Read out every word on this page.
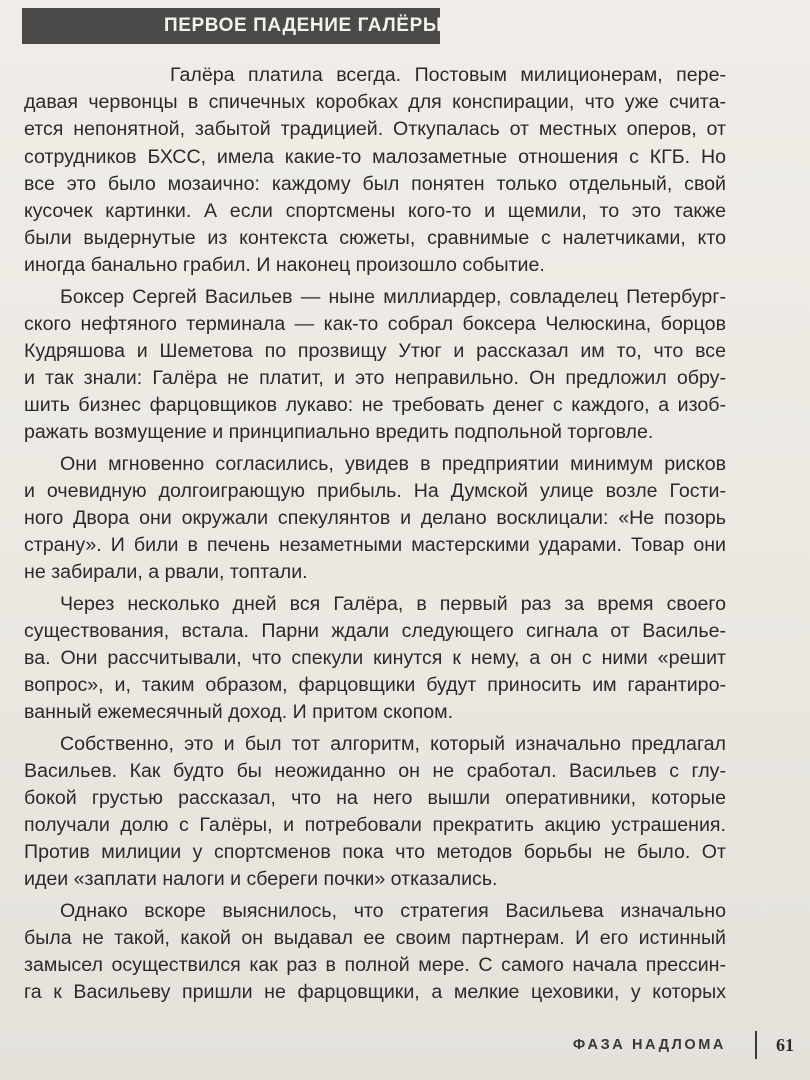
ПЕРВОЕ ПАДЕНИЕ ГАЛЁРЫ
Галёра платила всегда. Постовым милиционерам, пере-
давая червонцы в спичечных коробках для конспирации, что уже счита-
ется непонятной, забытой традицией. Откупалась от местных оперов, от
сотрудников БХСС, имела какие-то малозаметные отношения с КГБ. Но
все это было мозаично: каждому был понятен только отдельный, свой
кусочек картинки. А если спортсмены кого-то и щемили, то это также
были выдернутые из контекста сюжеты, сравнимые с налетчиками, кто
иногда банально грабил. И наконец произошло событие.
Боксер Сергей Васильев — ныне миллиардер, совладелец Петербург-
ского нефтяного терминала — как-то собрал боксера Челюскина, борцов
Кудряшова и Шеметова по прозвищу Утюг и рассказал им то, что все
и так знали: Галёра не платит, и это неправильно. Он предложил обру-
шить бизнес фарцовщиков лукаво: не требовать денег с каждого, а изоб-
ражать возмущение и принципиально вредить подпольной торговле.
Они мгновенно согласились, увидев в предприятии минимум рисков
и очевидную долгоиграющую прибыль. На Думской улице возле Гости-
ного Двора они окружали спекулянтов и делано восклицали: «Не позорь
страну». И били в печень незаметными мастерскими ударами. Товар они
не забирали, а рвали, топтали.
Через несколько дней вся Галёра, в первый раз за время своего
существования, встала. Парни ждали следующего сигнала от Васильe-
ва. Они рассчитывали, что спекули кинутся к нему, а он с ними «решит
вопрос», и, таким образом, фарцовщики будут приносить им гарантиро-
ванный ежемесячный доход. И притом скопом.
Собственно, это и был тот алгоритм, который изначально предлагал
Васильев. Как будто бы неожиданно он не сработал. Васильев с глу-
бокой грустью рассказал, что на него вышли оперативники, которые
получали долю с Галёры, и потребовали прекратить акцию устрашения.
Против милиции у спортсменов пока что методов борьбы не было. От
идеи «заплати налоги и сбереги почки» отказались.
Однако вскоре выяснилось, что стратегия Васильева изначально
была не такой, какой он выдавал ее своим партнерам. И его истинный
замысел осуществился как раз в полной мере. С самого начала прессин-
га к Васильеву пришли не фарцовщики, а мелкие цеховики, у которых
ФАЗА НАДЛОМА	61
